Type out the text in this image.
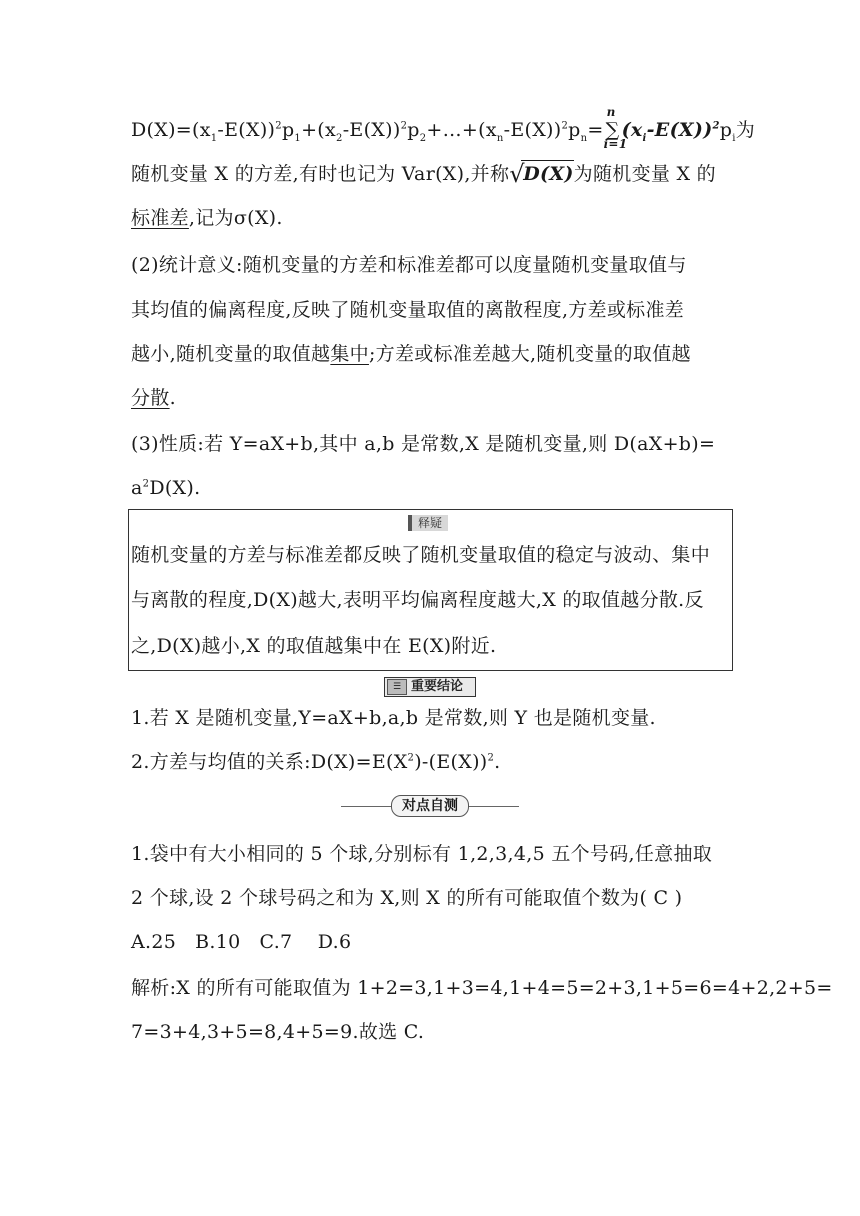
$D(X)=(x_1-E(X))^2p_1+(x_2-E(X))^2p_2+\dots+(x_n-E(X))^2p_n=$
n
∑
i=1
$(x_i-E(X))^2p_i$为
随机变量 X 的方差,有时也记为 Var(X),并称 √
D(X)为随机变量 X 的
标准差,记为σ(X).
(2)统计意义:随机变量的方差和标准差都可以度量随机变量取值与
其均值的偏离程度,反映了随机变量取值的离散程度,方差或标准差
越小,随机变量的取值越集中;方差或标准差越大,随机变量的取值越
分散.
(3)性质:若 Y=aX+b,其中 a,b 是常数,X 是随机变量,则 D(aX+b)=
$a^2D(X)$.
释疑
随机变量的方差与标准差都反映了随机变量取值的稳定与波动、集中
与离散的程度,D(X)越大,表明平均偏离程度越大,X 的取值越分散.反
之,D(X)越小,X 的取值越集中在 E(X)附近.
☰ 重要结论
1.若 X 是随机变量,Y=aX+b,a,b 是常数,则 Y 也是随机变量.
2.方差与均值的关系$:D(X)=E(X^2)-(E(X))^2$.
对点自测
1.袋中有大小相同的 5 个球,分别标有 1,2,3,4,5 五个号码,任意抽取
2 个球,设 2 个球号码之和为 X,则 X 的所有可能取值个数为( C )
A.25   B.10   C.7    D.6
解析:X 的所有可能取值为 1+2=3,1+3=4,1+4=5=2+3,1+5=6=4+2,2+5=
7=3+4,3+5=8,4+5=9.故选 C.
